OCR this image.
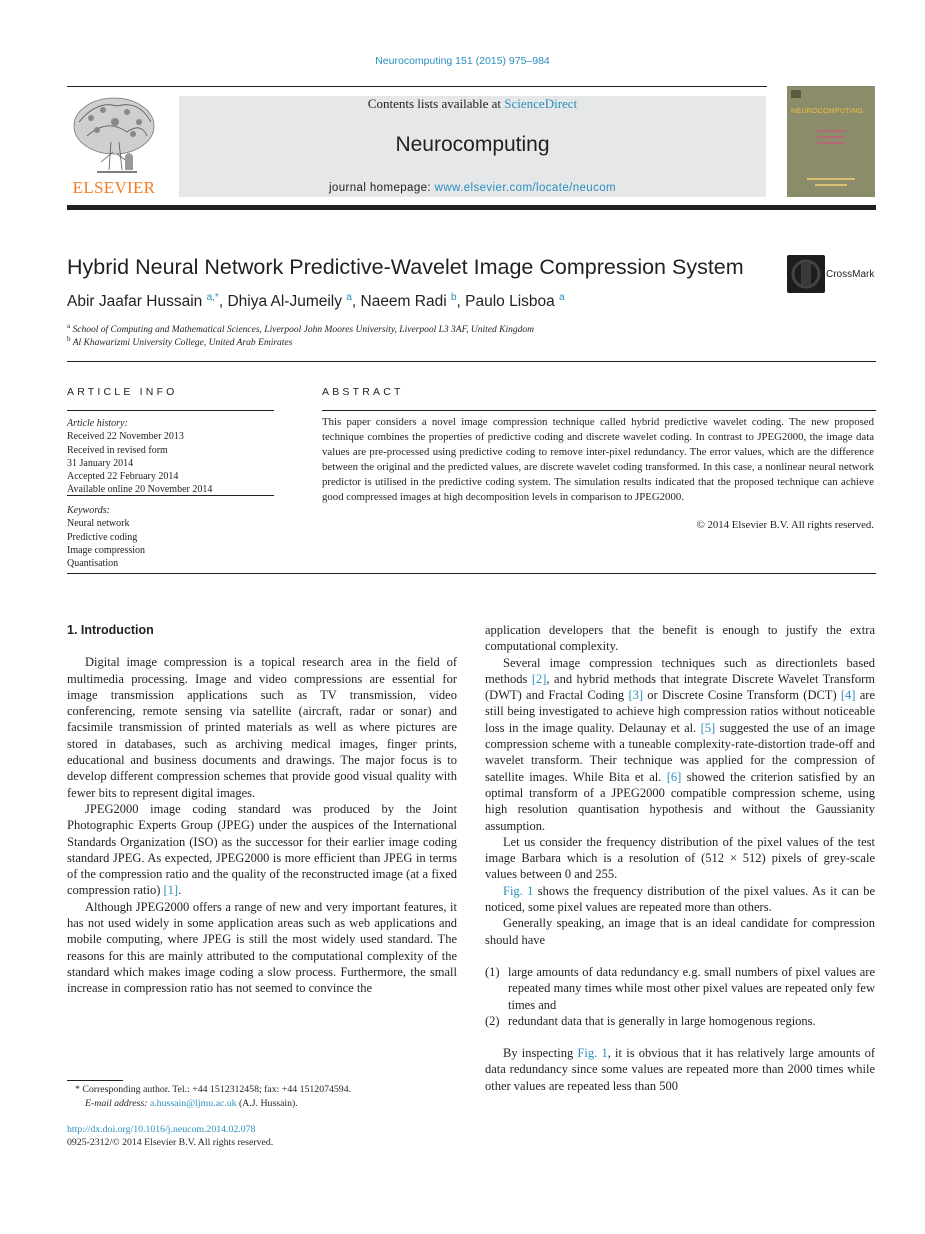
Neurocomputing 151 (2015) 975–984
ELSEVIER
Contents lists available at ScienceDirect
Neurocomputing
journal homepage: www.elsevier.com/locate/neucom
NEUROCOMPUTING
Hybrid Neural Network Predictive-Wavelet Image Compression System	CrossMark
Abir Jaafar Hussain $^{a,*}$, Dhiya Al-Jumeily $^a$, Naeem Radi $^b$, Paulo Lisboa $^a$
$^a$ School of Computing and Mathematical Sciences, Liverpool John Moores University, Liverpool L3 3AF, United Kingdom
$^b$ Al Khawarizmi University College, United Arab Emirates
ARTICLE INFO
Article history:
Received 22 November 2013
Received in revised form
31 January 2014
Accepted 22 February 2014
Available online 20 November 2014
Keywords:
Neural network
Predictive coding
Image compression
Quantisation
ABSTRACT
This paper considers a novel image compression technique called hybrid predictive wavelet coding. The new proposed technique combines the properties of predictive coding and discrete wavelet coding. In contrast to JPEG2000, the image data values are pre-processed using predictive coding to remove inter-pixel redundancy. The error values, which are the difference between the original and the predicted values, are discrete wavelet coding transformed. In this case, a nonlinear neural network predictor is utilised in the predictive coding system. The simulation results indicated that the proposed technique can achieve good compressed images at high decomposition levels in comparison to JPEG2000.
© 2014 Elsevier B.V. All rights reserved.
1. Introduction

Digital image compression is a topical research area in the field of multimedia processing. Image and video compressions are essential for image transmission applications such as TV transmission, video conferencing, remote sensing via satellite (aircraft, radar or sonar) and facsimile transmission of printed materials as well as where pictures are stored in databases, such as archiving medical images, finger prints, educational and business documents and drawings. The major focus is to develop different compression schemes that provide good visual quality with fewer bits to represent digital images.

JPEG2000 image coding standard was produced by the Joint Photographic Experts Group (JPEG) under the auspices of the International Standards Organization (ISO) as the successor for their earlier image coding standard JPEG. As expected, JPEG2000 is more efficient than JPEG in terms of the compression ratio and the quality of the reconstructed image (at a fixed compression ratio) [1].

Although JPEG2000 offers a range of new and very important features, it has not used widely in some application areas such as web applications and mobile computing, where JPEG is still the most widely used standard. The reasons for this are mainly attributed to the computational complexity of the standard which makes image coding a slow process. Furthermore, the small increase in compression ratio has not seemed to convince the

application developers that the benefit is enough to justify the extra computational complexity.

Several image compression techniques such as directionlets based methods [2], and hybrid methods that integrate Discrete Wavelet Transform (DWT) and Fractal Coding [3] or Discrete Cosine Transform (DCT) [4] are still being investigated to achieve high compression ratios without noticeable loss in the image quality. Delaunay et al. [5] suggested the use of an image compression scheme with a tuneable complexity-rate-distortion trade-off and wavelet transform. Their technique was applied for the compression of satellite images. While Bita et al. [6] showed the criterion satisfied by an optimal transform of a JPEG2000 compatible compression scheme, using high resolution quantisation hypothesis and without the Gaussianity assumption.

Let us consider the frequency distribution of the pixel values of the test image Barbara which is a resolution of (512 × 512) pixels of grey-scale values between 0 and 255.

Fig. 1 shows the frequency distribution of the pixel values. As it can be noticed, some pixel values are repeated more than others.

Generally speaking, an image that is an ideal candidate for compression should have

(1) large amounts of data redundancy e.g. small numbers of pixel values are repeated many times while most other pixel values are repeated only few times and

(2) redundant data that is generally in large homogenous regions.

By inspecting Fig. 1, it is obvious that it has relatively large amounts of data redundancy since some values are repeated more than 2000 times while other values are repeated less than 500

* Corresponding author. Tel.: +44 1512312458; fax: +44 1512074594.
E-mail address: a.hussain@ljmu.ac.uk (A.J. Hussain).
http://dx.doi.org/10.1016/j.neucom.2014.02.078
0925-2312/© 2014 Elsevier B.V. All rights reserved.
